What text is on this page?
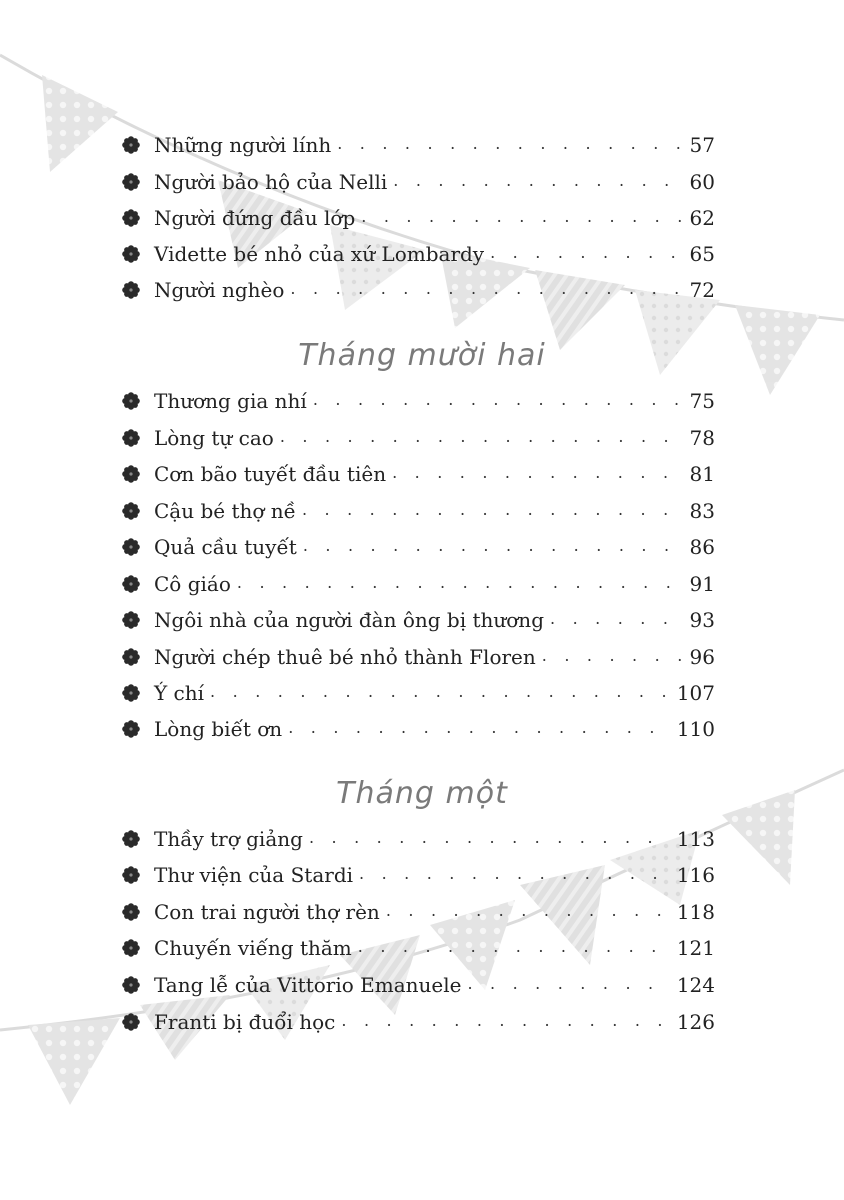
Những người lính . . .	57
Người bảo hộ của Nelli . . .	60
Người đứng đầu lớp . . .	62
Vidette bé nhỏ của xứ Lombardy . . .	65
Người nghèo . . .	72
Tháng mười hai
Thương gia nhí . . .	75
Lòng tự cao . . .	78
Cơn bão tuyết đầu tiên . . .	81
Cậu bé thợ nề . . .	83
Quả cầu tuyết . . .	86
Cô giáo . . .	91
Ngôi nhà của người đàn ông bị thương . . .	93
Người chép thuê bé nhỏ thành Floren . . .	96
Ý chí . . .	107
Lòng biết ơn . . .	110
Tháng một
Thầy trợ giảng . . .	113
Thư viện của Stardi . . .	116
Con trai người thợ rèn . . .	118
Chuyến viếng thăm . . .	121
Tang lễ của Vittorio Emanuele . . .	124
Franti bị đuổi học . . .	126
